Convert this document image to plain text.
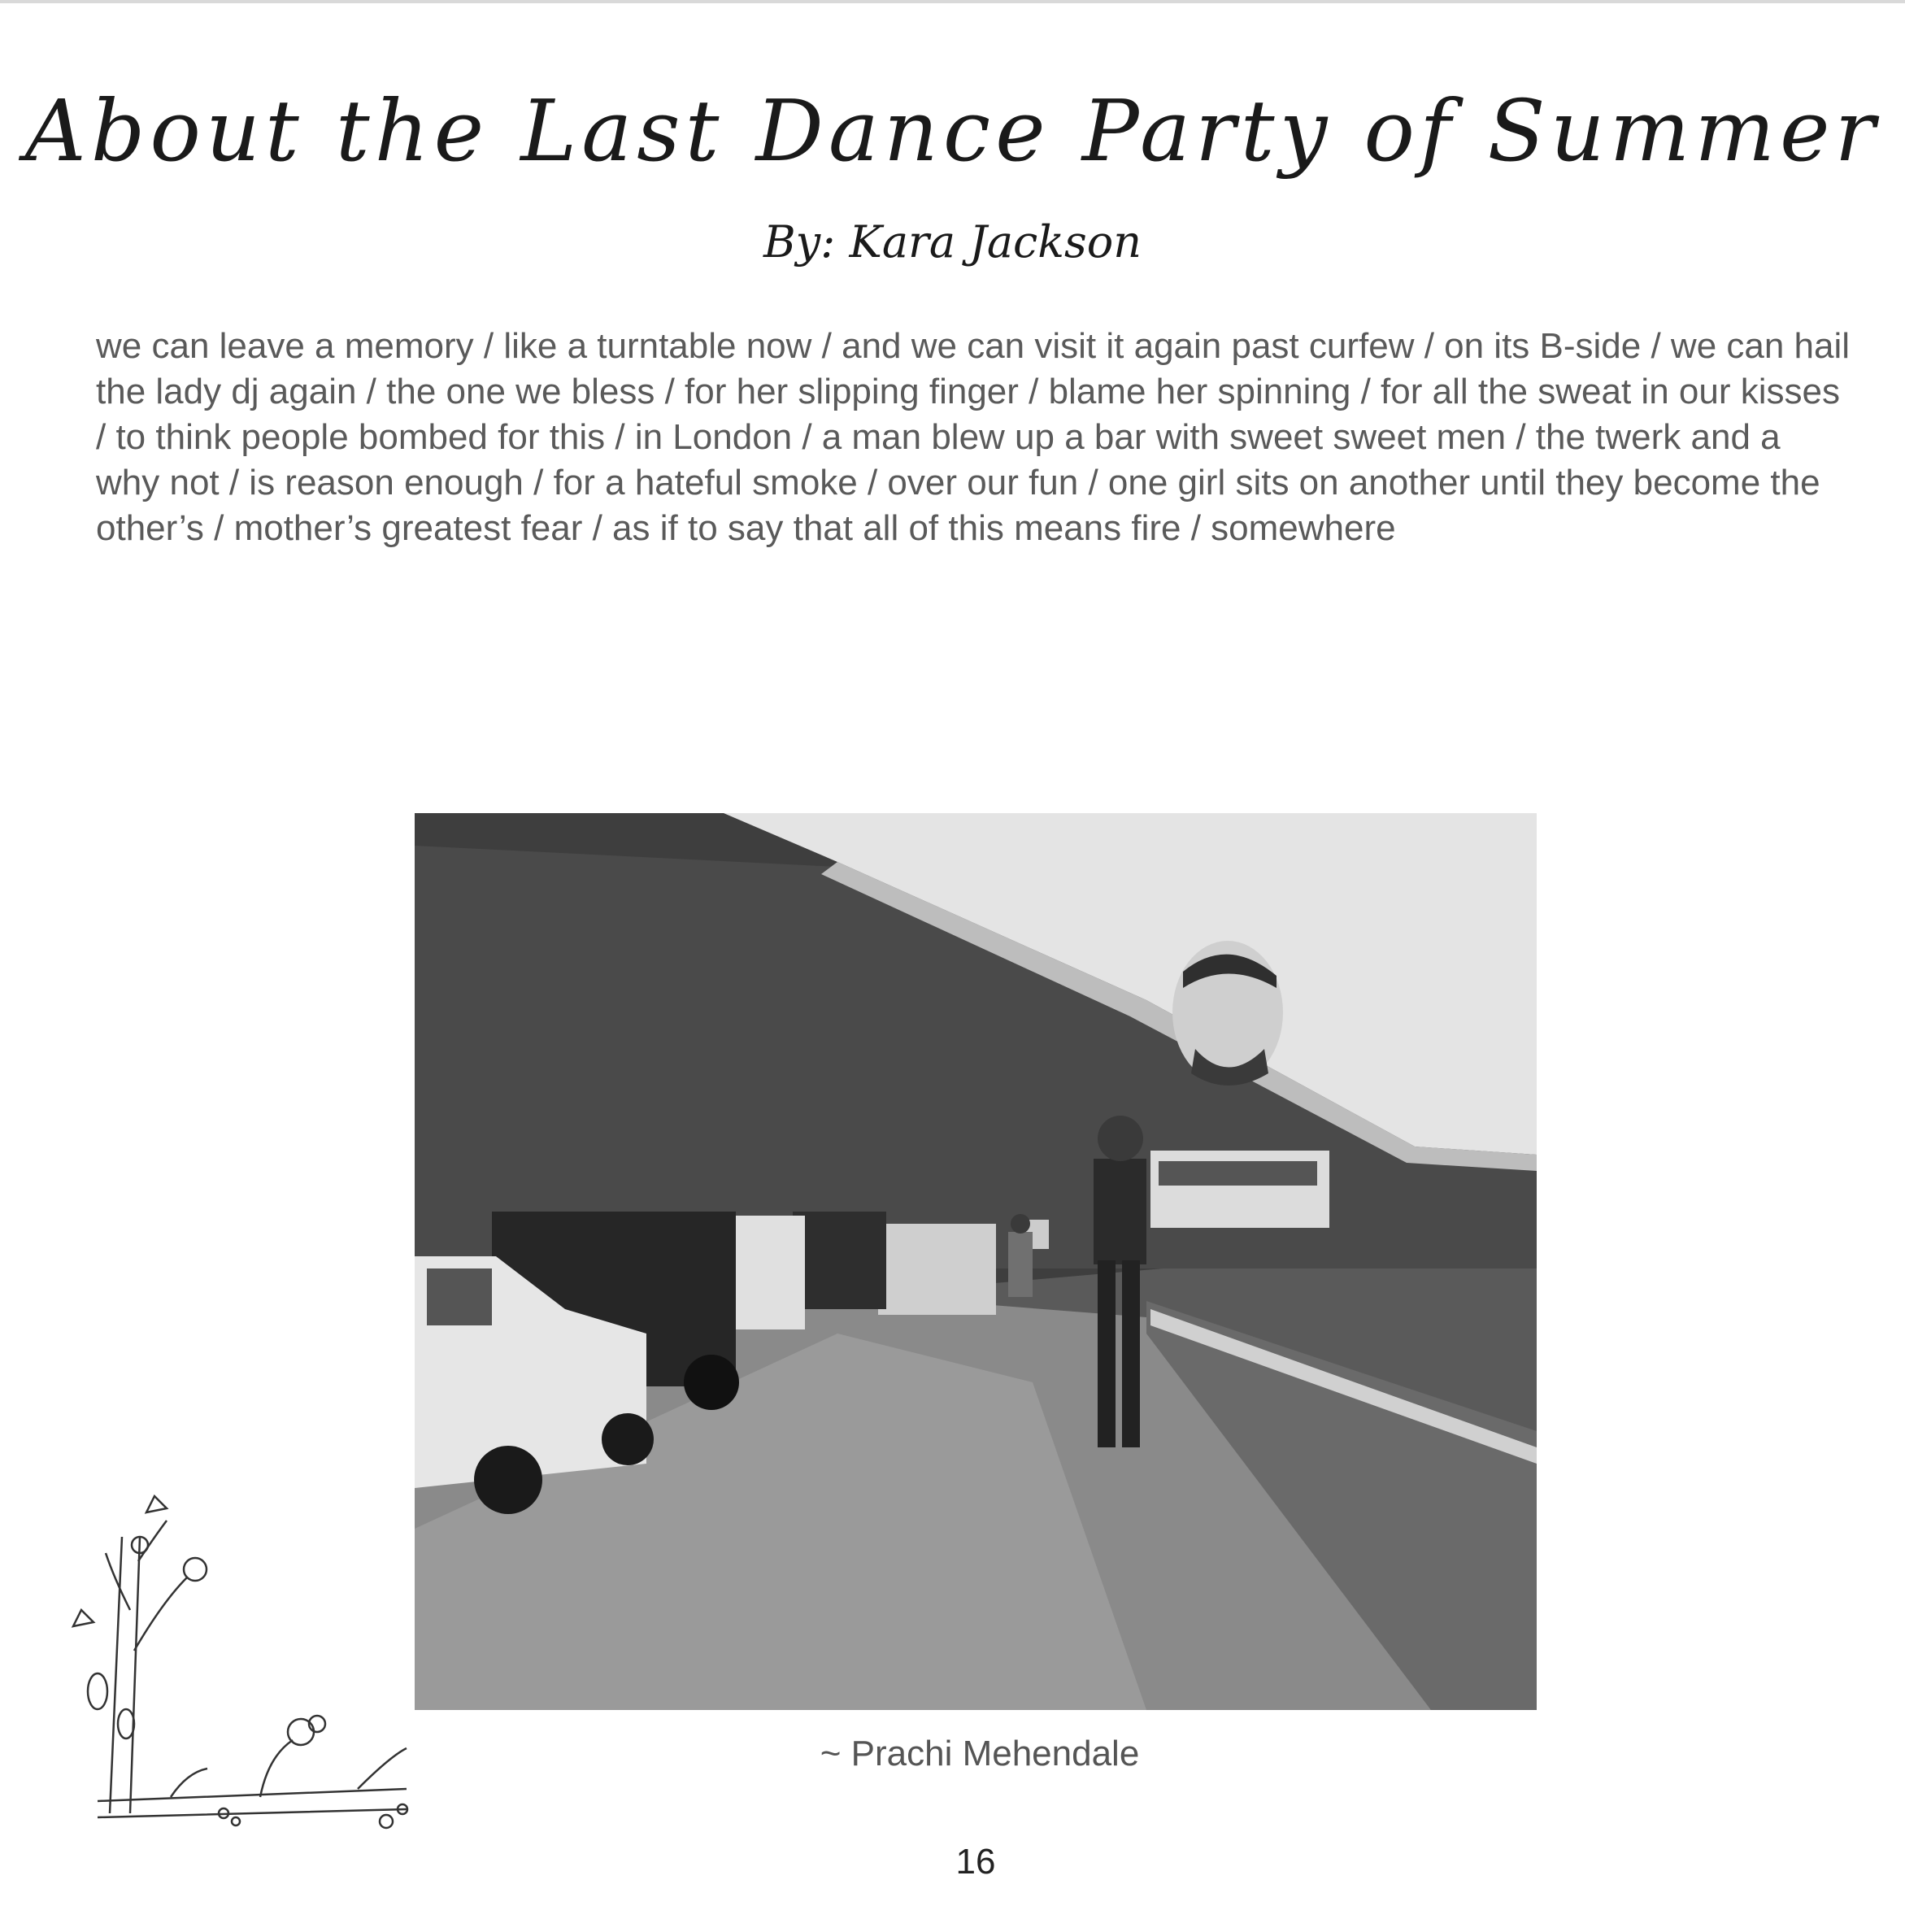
About the Last Dance Party of Summer

By: Kara Jackson

we can leave a memory / like a turntable now / and we can visit it again past curfew / on its B-side / we can hail the lady dj again / the one we bless / for her slipping finger / blame her spinning / for all the sweat in our kisses / to think people bombed for this / in London / a man blew up a bar with sweet sweet men / the twerk and a why not / is reason enough / for a hateful smoke / over our fun / one girl sits on another until they become the other’s / mother’s greatest fear / as if to say that all of this means fire / somewhere

~ Prachi Mehendale

16
